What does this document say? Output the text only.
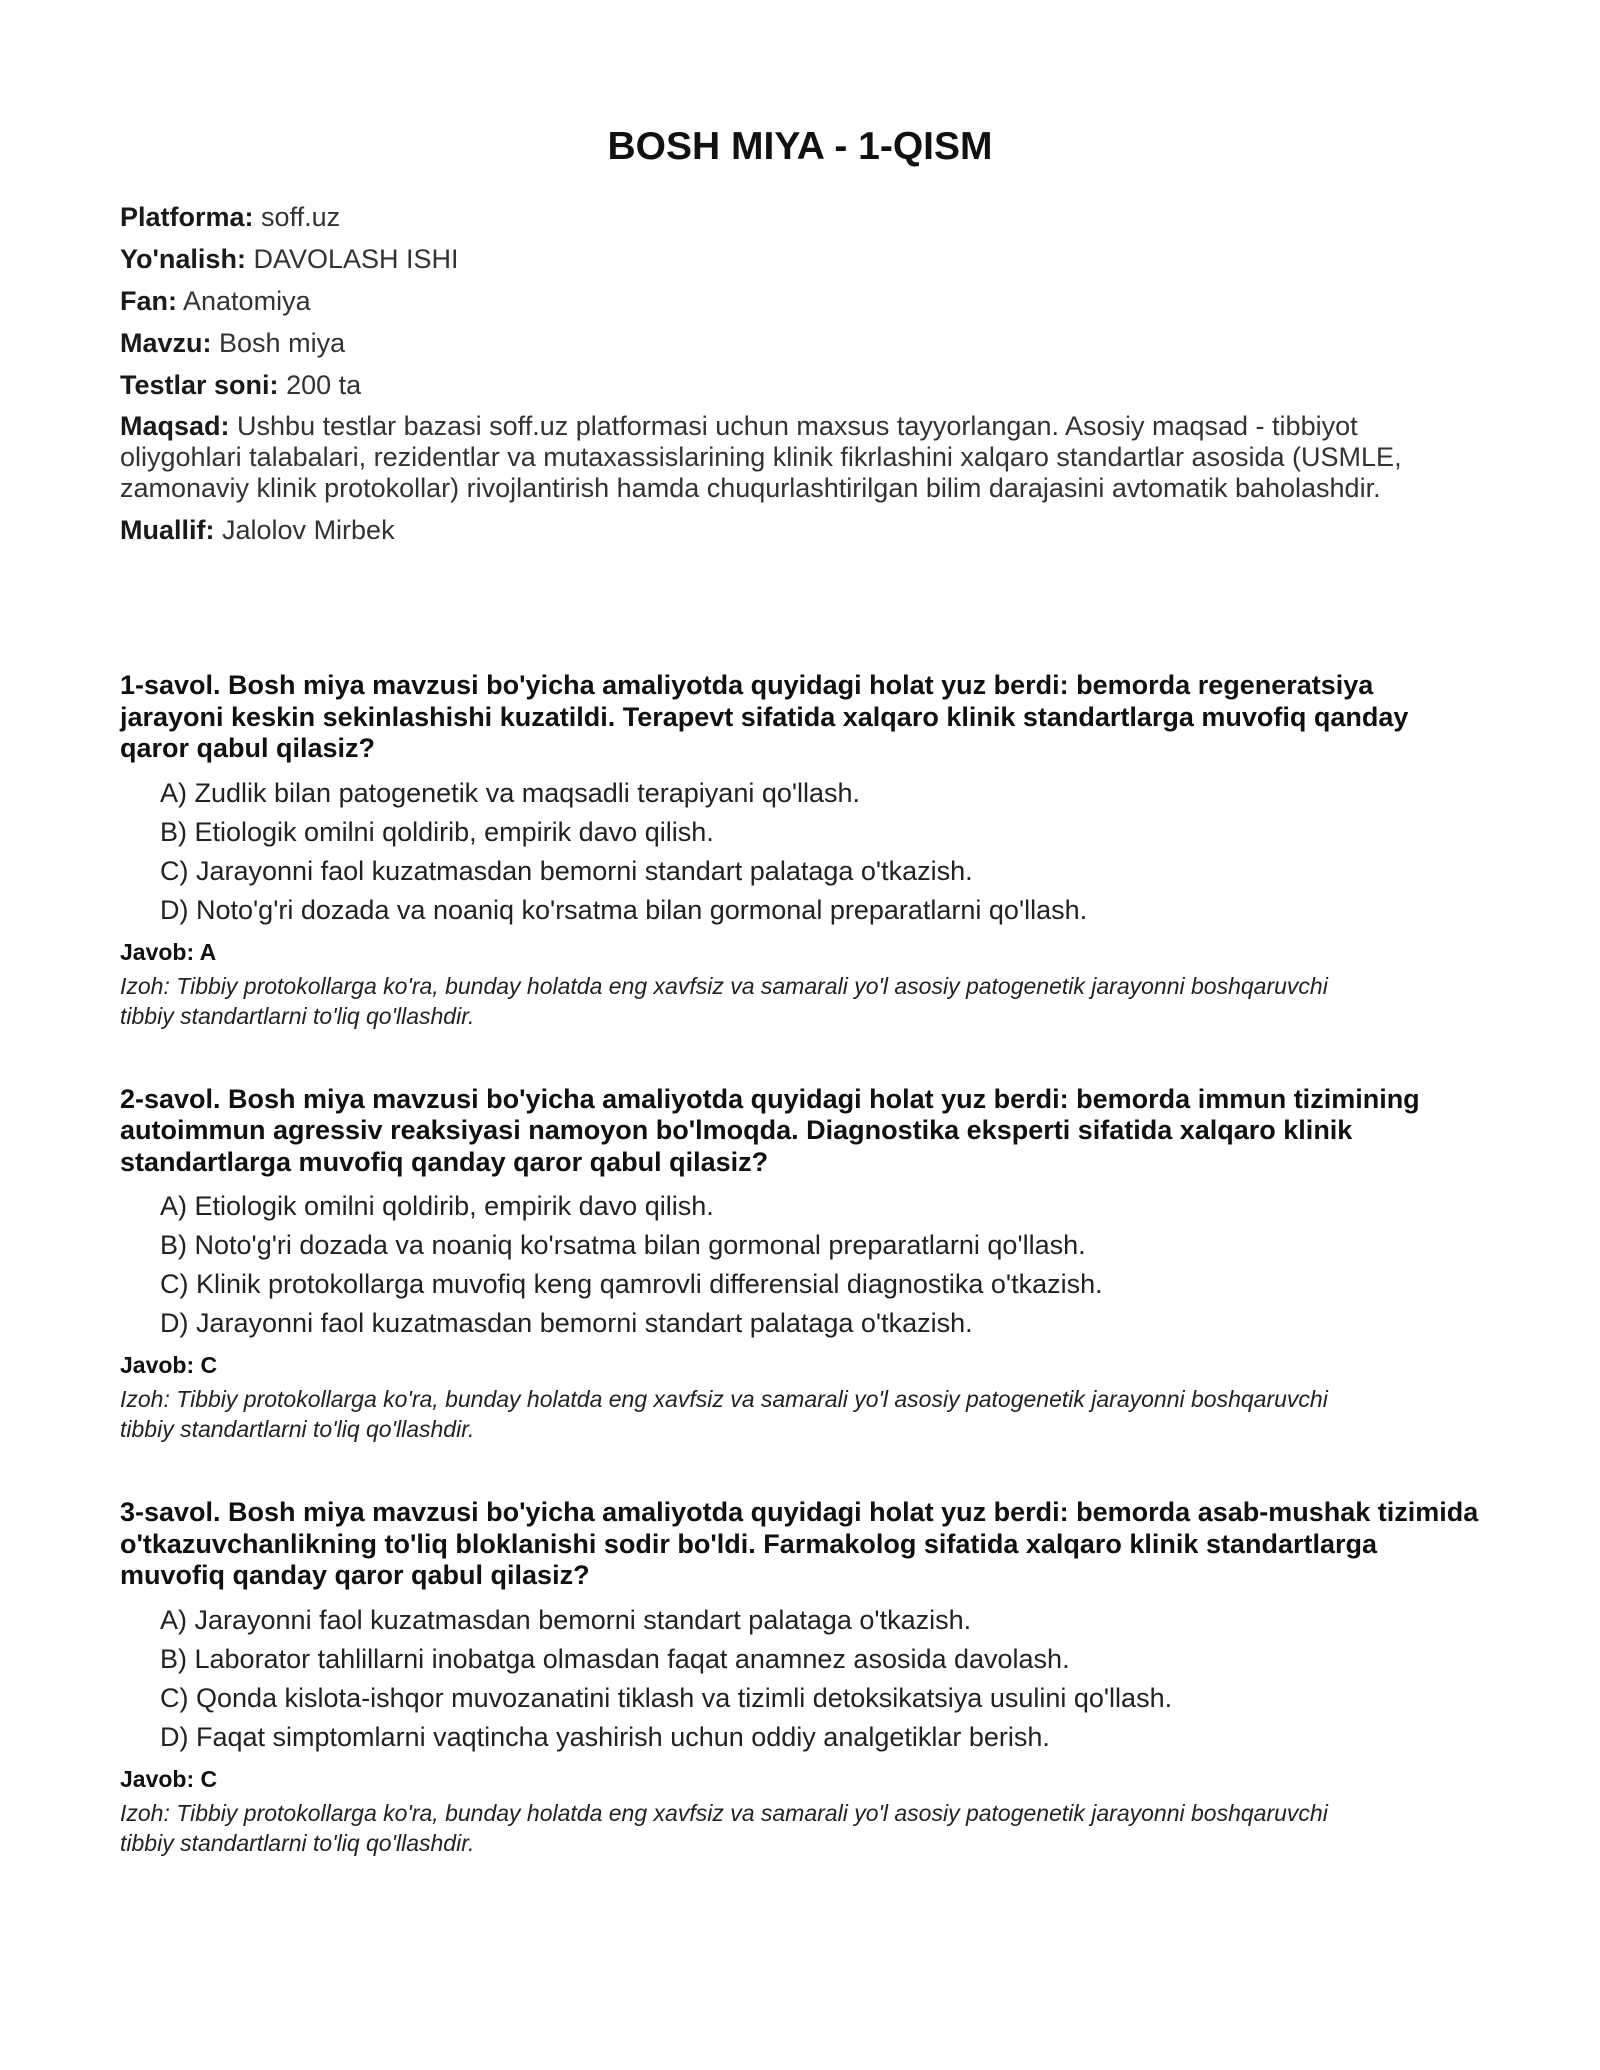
BOSH MIYA - 1-QISM
Platforma: soff.uz
Yo'nalish: DAVOLASH ISHI
Fan: Anatomiya
Mavzu: Bosh miya
Testlar soni: 200 ta
Maqsad: Ushbu testlar bazasi soff.uz platformasi uchun maxsus tayyorlangan. Asosiy maqsad - tibbiyot oliygohlari talabalari, rezidentlar va mutaxassislarining klinik fikrlashini xalqaro standartlar asosida (USMLE, zamonaviy klinik protokollar) rivojlantirish hamda chuqurlashtirilgan bilim darajasini avtomatik baholashdir.
Muallif: Jalolov Mirbek

1-savol. Bosh miya mavzusi bo'yicha amaliyotda quyidagi holat yuz berdi: bemorda regeneratsiya jarayoni keskin sekinlashishi kuzatildi. Terapevt sifatida xalqaro klinik standartlarga muvofiq qanday qaror qabul qilasiz?

A) Zudlik bilan patogenetik va maqsadli terapiyani qo'llash.
B) Etiologik omilni qoldirib, empirik davo qilish.
C) Jarayonni faol kuzatmasdan bemorni standart palataga o'tkazish.
D) Noto'g'ri dozada va noaniq ko'rsatma bilan gormonal preparatlarni qo'llash.
Javob: A

Izoh: Tibbiy protokollarga ko'ra, bunday holatda eng xavfsiz va samarali yo'l asosiy patogenetik jarayonni boshqaruvchi tibbiy standartlarni to'liq qo'llashdir.

2-savol. Bosh miya mavzusi bo'yicha amaliyotda quyidagi holat yuz berdi: bemorda immun tizimining autoimmun agressiv reaksiyasi namoyon bo'lmoqda. Diagnostika eksperti sifatida xalqaro klinik standartlarga muvofiq qanday qaror qabul qilasiz?

A) Etiologik omilni qoldirib, empirik davo qilish.
B) Noto'g'ri dozada va noaniq ko'rsatma bilan gormonal preparatlarni qo'llash.
C) Klinik protokollarga muvofiq keng qamrovli differensial diagnostika o'tkazish.
D) Jarayonni faol kuzatmasdan bemorni standart palataga o'tkazish.
Javob: C

Izoh: Tibbiy protokollarga ko'ra, bunday holatda eng xavfsiz va samarali yo'l asosiy patogenetik jarayonni boshqaruvchi tibbiy standartlarni to'liq qo'llashdir.

3-savol. Bosh miya mavzusi bo'yicha amaliyotda quyidagi holat yuz berdi: bemorda asab-mushak tizimida o'tkazuvchanlikning to'liq bloklanishi sodir bo'ldi. Farmakolog sifatida xalqaro klinik standartlarga muvofiq qanday qaror qabul qilasiz?

A) Jarayonni faol kuzatmasdan bemorni standart palataga o'tkazish.
B) Laborator tahlillarni inobatga olmasdan faqat anamnez asosida davolash.
C) Qonda kislota-ishqor muvozanatini tiklash va tizimli detoksikatsiya usulini qo'llash.
D) Faqat simptomlarni vaqtincha yashirish uchun oddiy analgetiklar berish.
Javob: C

Izoh: Tibbiy protokollarga ko'ra, bunday holatda eng xavfsiz va samarali yo'l asosiy patogenetik jarayonni boshqaruvchi tibbiy standartlarni to'liq qo'llashdir.
